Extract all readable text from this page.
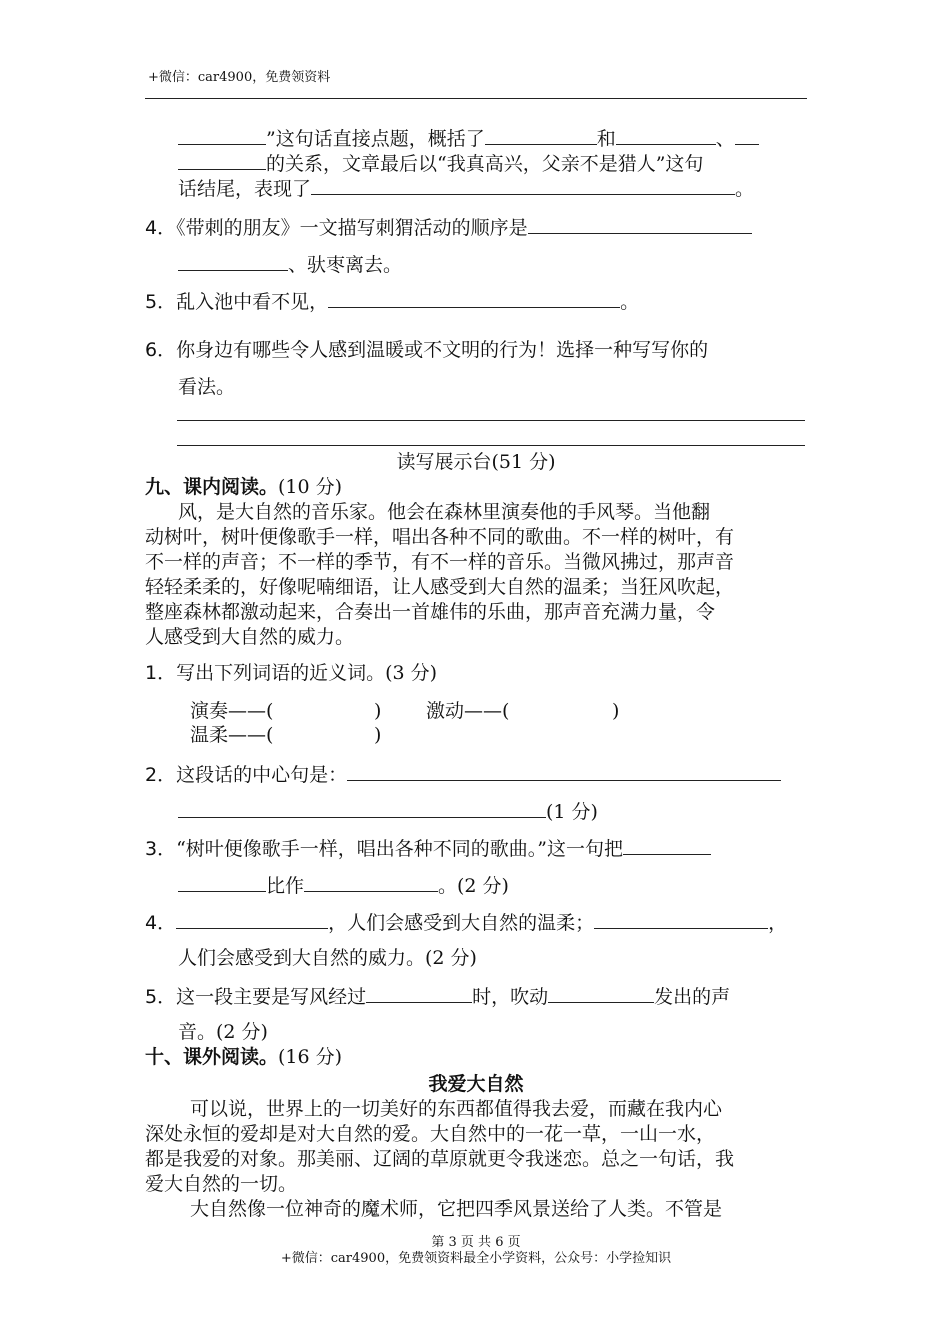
+微信：car4900，免费领资料
”这句话直接点题，概括了	和	、
的关系，文章最后以“我真高兴，父亲不是猎人”这句
话结尾，表现了	。
4．《带刺的朋友》一文描写刺猬活动的顺序是
、驮枣离去。
5．乱入池中看不见，	。
6．你身边有哪些令人感到温暖或不文明的行为！选择一种写写你的
看法。
读写展示台(51 分)
九、课内阅读。(10 分)
风，是大自然的音乐家。他会在森林里演奏他的手风琴。当他翻
动树叶，树叶便像歌手一样，唱出各种不同的歌曲。不一样的树叶，有
不一样的声音；不一样的季节，有不一样的音乐。当微风拂过，那声音
轻轻柔柔的，好像呢喃细语，让人感受到大自然的温柔；当狂风吹起，
整座森林都激动起来，合奏出一首雄伟的乐曲，那声音充满力量，令
人感受到大自然的威力。
1．写出下列词语的近义词。(3 分)
演奏——(	) 激动——(	)
温柔——(	)
2．这段话的中心句是：
(1 分)
3．“树叶便像歌手一样，唱出各种不同的歌曲。”这一句把
比作	。(2 分)
4．	，人们会感受到大自然的温柔；	，
人们会感受到大自然的威力。(2 分)
5．这一段主要是写风经过	时，吹动	发出的声
音。(2 分)
十、课外阅读。(16 分)
我爱大自然
可以说，世界上的一切美好的东西都值得我去爱，而藏在我内心
深处永恒的爱却是对大自然的爱。大自然中的一花一草，一山一水，
都是我爱的对象。那美丽、辽阔的草原就更令我迷恋。总之一句话，我
爱大自然的一切。
大自然像一位神奇的魔术师，它把四季风景送给了人类。不管是
第 3 页 共 6 页
+微信：car4900，免费领资料最全小学资料，公众号：小学捡知识
